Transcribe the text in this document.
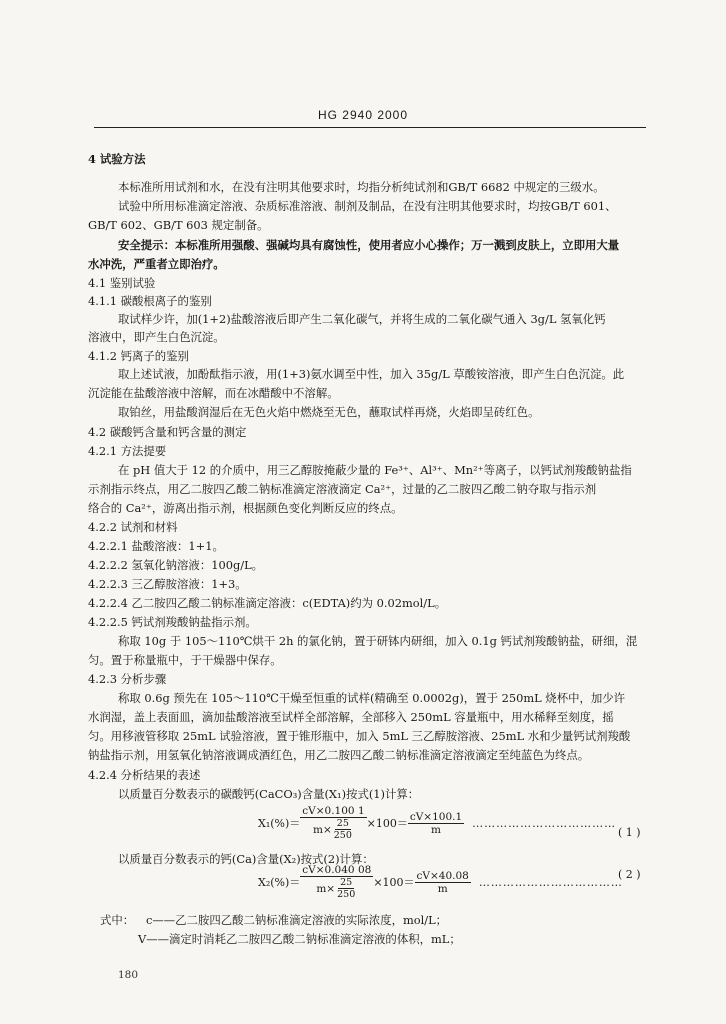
HG 2940 2000
4 试验方法
本标准所用试剂和水，在没有注明其他要求时，均指分析纯试剂和GB/T 6682 中规定的三级水。
试验中所用标准滴定溶液、杂质标准溶液、制剂及制品，在没有注明其他要求时，均按GB/T 601、
GB/T 602、GB/T 603 规定制备。
安全提示：本标准所用强酸、强碱均具有腐蚀性，使用者应小心操作；万一溅到皮肤上，立即用大量
水冲洗，严重者立即治疗。
4.1 鉴别试验
4.1.1 碳酸根离子的鉴别
取试样少许，加(1+2)盐酸溶液后即产生二氧化碳气，并将生成的二氧化碳气通入 3g/L 氢氧化钙
溶液中，即产生白色沉淀。
4.1.2 钙离子的鉴别
取上述试液，加酚酞指示液，用(1+3)氨水调至中性，加入 35g/L 草酸铵溶液，即产生白色沉淀。此
沉淀能在盐酸溶液中溶解，而在冰醋酸中不溶解。
取铂丝，用盐酸润湿后在无色火焰中燃烧至无色，蘸取试样再烧，火焰即呈砖红色。
4.2 碳酸钙含量和钙含量的测定
4.2.1 方法提要
在 pH 值大于 12 的介质中，用三乙醇胺掩蔽少量的 Fe³⁺、Al³⁺、Mn²⁺等离子，以钙试剂羧酸钠盐指
示剂指示终点，用乙二胺四乙酸二钠标准滴定溶液滴定 Ca²⁺，过量的乙二胺四乙酸二钠夺取与指示剂
络合的 Ca²⁺，游离出指示剂，根据颜色变化判断反应的终点。
4.2.2 试剂和材料
4.2.2.1 盐酸溶液：1+1。
4.2.2.2 氢氧化钠溶液：100g/L。
4.2.2.3 三乙醇胺溶液：1+3。
4.2.2.4 乙二胺四乙酸二钠标准滴定溶液：c(EDTA)约为 0.02mol/L。
4.2.2.5 钙试剂羧酸钠盐指示剂。
称取 10g 于 105～110℃烘干 2h 的氯化钠，置于研钵内研细，加入 0.1g 钙试剂羧酸钠盐，研细，混
匀。置于称量瓶中，于干燥器中保存。
4.2.3 分析步骤
称取 0.6g 预先在 105～110℃干燥至恒重的试样(精确至 0.0002g)，置于 250mL 烧杯中，加少许
水润湿，盖上表面皿，滴加盐酸溶液至试样全部溶解，全部移入 250mL 容量瓶中，用水稀释至刻度，摇
匀。用移液管移取 25mL 试验溶液，置于锥形瓶中，加入 5mL 三乙醇胺溶液、25mL 水和少量钙试剂羧酸
钠盐指示剂，用氢氧化钠溶液调成酒红色，用乙二胺四乙酸二钠标准滴定溶液滴定至纯蓝色为终点。
4.2.4 分析结果的表述
以质量百分数表示的碳酸钙(CaCO₃)含量(X₁)按式(1)计算：
$X_1(\%)= \frac{cV\times 0.100 1}{m\times \frac{25}{250}} \times 100= \frac{cV\times 100.1}{m}$ ………………………………
( 1 )
以质量百分数表示的钙(Ca)含量(X₂)按式(2)计算：
$X_2(\%)= \frac{cV\times 0.040 08}{m\times \frac{25}{250}} \times 100= \frac{cV\times 40.08}{m}$ ………………………………
( 2 )
式中： c——乙二胺四乙酸二钠标准滴定溶液的实际浓度，mol/L；
V——滴定时消耗乙二胺四乙酸二钠标准滴定溶液的体积，mL；
180
